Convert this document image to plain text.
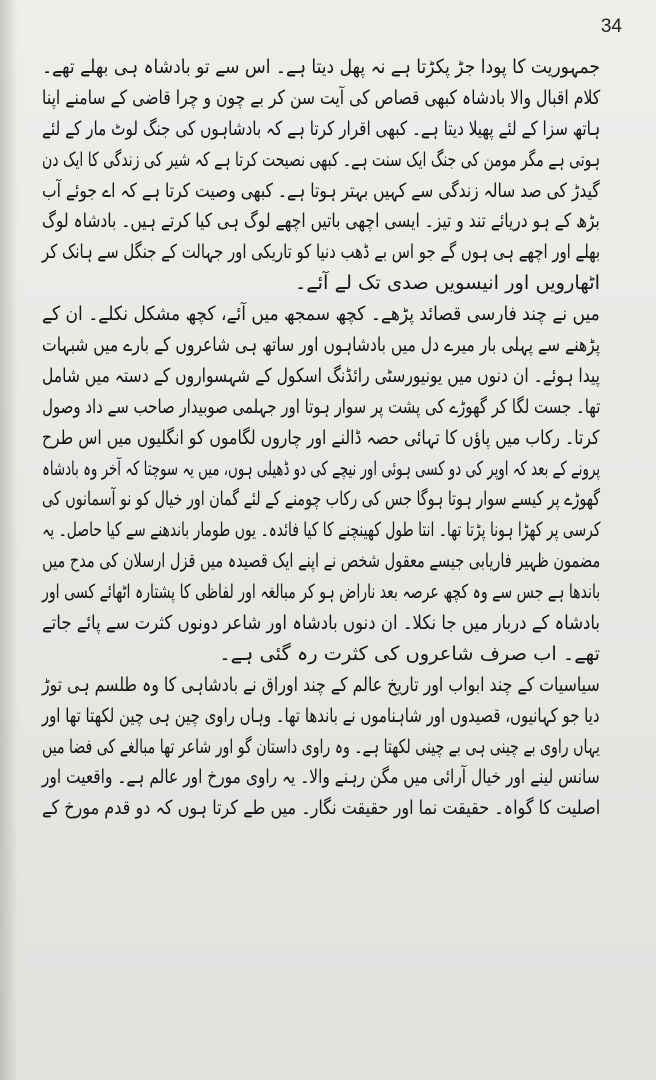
34
جمہوریت کا پودا جڑ پکڑتا ہے نہ پھل دیتا ہے۔ اس سے تو بادشاہ ہی بھلے تھے۔
کلام اقبال والا بادشاہ کبھی قصاص کی آیت سن کر بے چون و چرا قاضی کے سامنے اپنا
ہاتھ سزا کے لئے پھیلا دیتا ہے۔ کبھی اقرار کرتا ہے کہ بادشاہوں کی جنگ لوٹ مار کے لئے
ہوتی ہے مگر مومن کی جنگ ایک سنت ہے۔ کبھی نصیحت کرتا ہے کہ شیر کی زندگی کا ایک دن
گیدڑ کی صد سالہ زندگی سے کہیں بہتر ہوتا ہے۔ کبھی وصیت کرتا ہے کہ اے جوئے آب
بڑھ کے ہو دریائے تند و تیز۔ ایسی اچھی باتیں اچھے لوگ ہی کیا کرتے ہیں۔ بادشاہ لوگ
بھلے اور اچھے ہی ہوں گے جو اس بے ڈھب دنیا کو تاریکی اور جہالت کے جنگل سے ہانک کر
اٹھارویں اور انیسویں صدی تک لے آئے۔
میں نے چند فارسی قصائد پڑھے۔ کچھ سمجھ میں آئے، کچھ مشکل نکلے۔ ان کے
پڑھنے سے پہلی بار میرے دل میں بادشاہوں اور ساتھ ہی شاعروں کے بارے میں شبہات
پیدا ہوئے۔ ان دنوں میں یونیورسٹی رائڈنگ اسکول کے شہسواروں کے دستہ میں شامل
تھا۔ جست لگا کر گھوڑے کی پشت پر سوار ہوتا اور جہلمی صوبیدار صاحب سے داد وصول
کرتا۔ رکاب میں پاؤں کا تہائی حصہ ڈالنے اور چاروں لگاموں کو انگلیوں میں اس طرح
پرونے کے بعد کہ اوپر کی دو کسی ہوئی اور نیچے کی دو ڈھیلی ہوں، میں یہ سوچتا کہ آخر وہ بادشاہ
گھوڑے پر کیسے سوار ہوتا ہوگا جس کی رکاب چومنے کے لئے گمان اور خیال کو نو آسمانوں کی
کرسی پر کھڑا ہونا پڑتا تھا۔ انتا طول کھینچنے کا کیا فائدہ۔ یوں طومار باندھنے سے کیا حاصل۔ یہ
مضمون ظہیر فاریابی جیسے معقول شخص نے اپنے ایک قصیدہ میں قزل ارسلان کی مدح میں
باندھا ہے جس سے وہ کچھ عرصہ بعد ناراض ہو کر مبالغہ اور لفاظی کا پشتارہ اٹھائے کسی اور
بادشاہ کے دربار میں جا نکلا۔ ان دنوں بادشاہ اور شاعر دونوں کثرت سے پائے جاتے
تھے۔ اب صرف شاعروں کی کثرت رہ گئی ہے۔
سیاسیات کے چند ابواب اور تاریخ عالم کے چند اوراق نے بادشاہی کا وہ طلسم ہی توڑ
دیا جو کہانیوں، قصیدوں اور شاہناموں نے باندھا تھا۔ وہاں راوی چین ہی چین لکھتا تھا اور
یہاں راوی بے چینی ہی بے چینی لکھتا ہے۔ وہ راوی داستان گو اور شاعر تھا مبالغے کی فضا میں
سانس لینے اور خیال آرائی میں مگن رہنے والا۔ یہ راوی مورخ اور عالم ہے۔ واقعیت اور
اصلیت کا گواہ۔ حقیقت نما اور حقیقت نگار۔ میں طے کرتا ہوں کہ دو قدم مورخ کے
